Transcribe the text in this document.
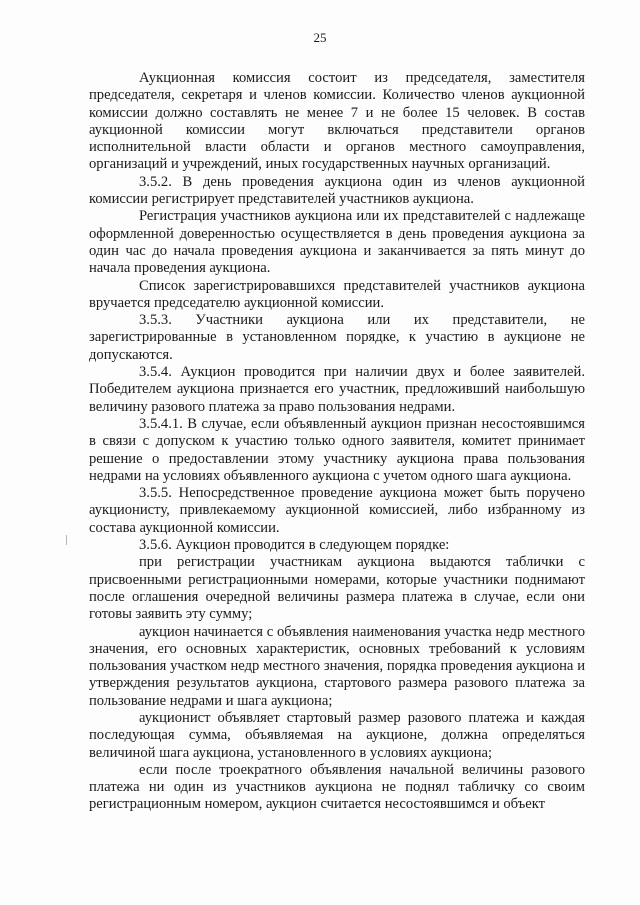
25

Аукционная комиссия состоит из председателя, заместителя председателя, секретаря и членов комиссии. Количество членов аукционной комиссии должно составлять не менее 7 и не более 15 человек. В состав аукционной комиссии могут включаться представители органов исполнительной власти области и органов местного самоуправления, организаций и учреждений, иных государственных научных организаций.

3.5.2. В день проведения аукциона один из членов аукционной комиссии регистрирует представителей участников аукциона.

Регистрация участников аукциона или их представителей с надлежаще оформленной доверенностью осуществляется в день проведения аукциона за один час до начала проведения аукциона и заканчивается за пять минут до начала проведения аукциона.

Список зарегистрировавшихся представителей участников аукциона вручается председателю аукционной комиссии.

3.5.3. Участники аукциона или их представители, не зарегистрированные в установленном порядке, к участию в аукционе не допускаются.

3.5.4. Аукцион проводится при наличии двух и более заявителей. Победителем аукциона признается его участник, предложивший наибольшую величину разового платежа за право пользования недрами.

3.5.4.1. В случае, если объявленный аукцион признан несостоявшимся в связи с допуском к участию только одного заявителя, комитет принимает решение о предоставлении этому участнику аукциона права пользования недрами на условиях объявленного аукциона с учетом одного шага аукциона.

3.5.5. Непосредственное проведение аукциона может быть поручено аукционисту, привлекаемому аукционной комиссией, либо избранному из состава аукционной комиссии.

3.5.6. Аукцион проводится в следующем порядке:

при регистрации участникам аукциона выдаются таблички с присвоенными регистрационными номерами, которые участники поднимают после оглашения очередной величины размера платежа в случае, если они готовы заявить эту сумму;

аукцион начинается с объявления наименования участка недр местного значения, его основных характеристик, основных требований к условиям пользования участком недр местного значения, порядка проведения аукциона и утверждения результатов аукциона, стартового размера разового платежа за пользование недрами и шага аукциона;

аукционист объявляет стартовый размер разового платежа и каждая последующая сумма, объявляемая на аукционе, должна определяться величиной шага аукциона, установленного в условиях аукциона;

если после троекратного объявления начальной величины разового платежа ни один из участников аукциона не поднял табличку со своим регистрационным номером, аукцион считается несостоявшимся и объект
